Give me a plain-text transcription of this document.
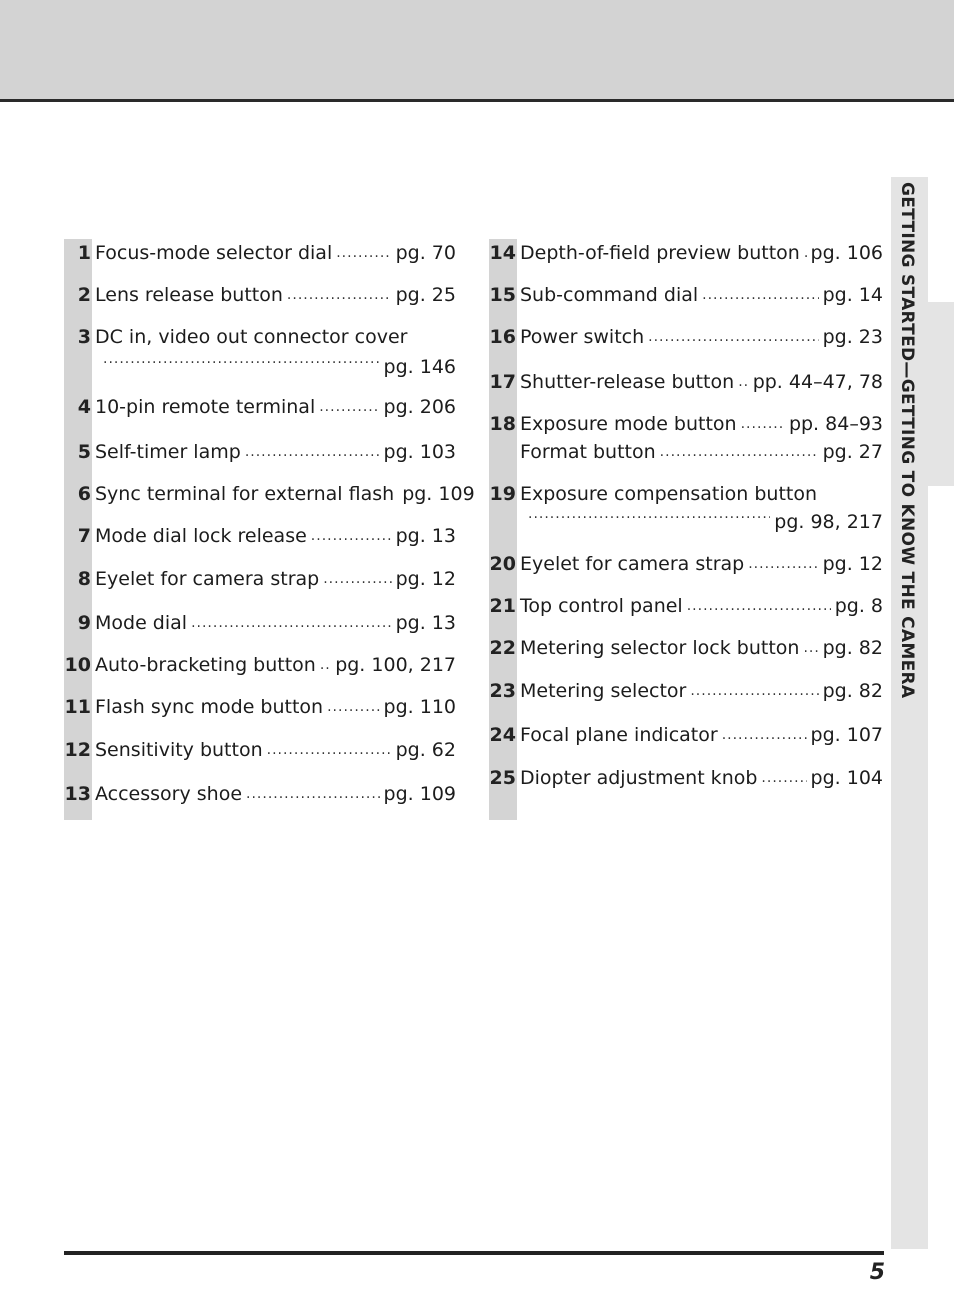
GETTING STARTED—GETTING TO KNOW THE CAMERA
1 Focus-mode selector dial .....	pg. 70
2 Lens release button .....	pg. 25
3 DC in, video out connector cover
.....
pg. 146
4 10-pin remote terminal .....	pg. 206
5 Self-timer lamp .....	pg. 103
6 Sync terminal for external flash pg. 109
7 Mode dial lock release .....	pg. 13
8 Eyelet for camera strap .....	pg. 12
9 Mode dial .....	pg. 13
10 Auto-bracketing button ..... pg. 100, 217
11 Flash sync mode button .....	pg. 110
12 Sensitivity button .....	pg. 62
13 Accessory shoe .....	pg. 109
14 Depth-of-field preview button ..... pg. 106
15 Sub-command dial .....	pg. 14
16 Power switch .....	pg. 23
17 Shutter-release button ..... pp. 44–47, 78
18 Exposure mode button .....	pp. 84–93
Format button .....	pg. 27
19 Exposure compensation button
.....
pg. 98, 217
20 Eyelet for camera strap .....	pg. 12
21 Top control panel .....	pg. 8
22 Metering selector lock button ..... pg. 82
23 Metering selector .....	pg. 82
24 Focal plane indicator .....	pg. 107
25 Diopter adjustment knob .....	pg. 104
5
